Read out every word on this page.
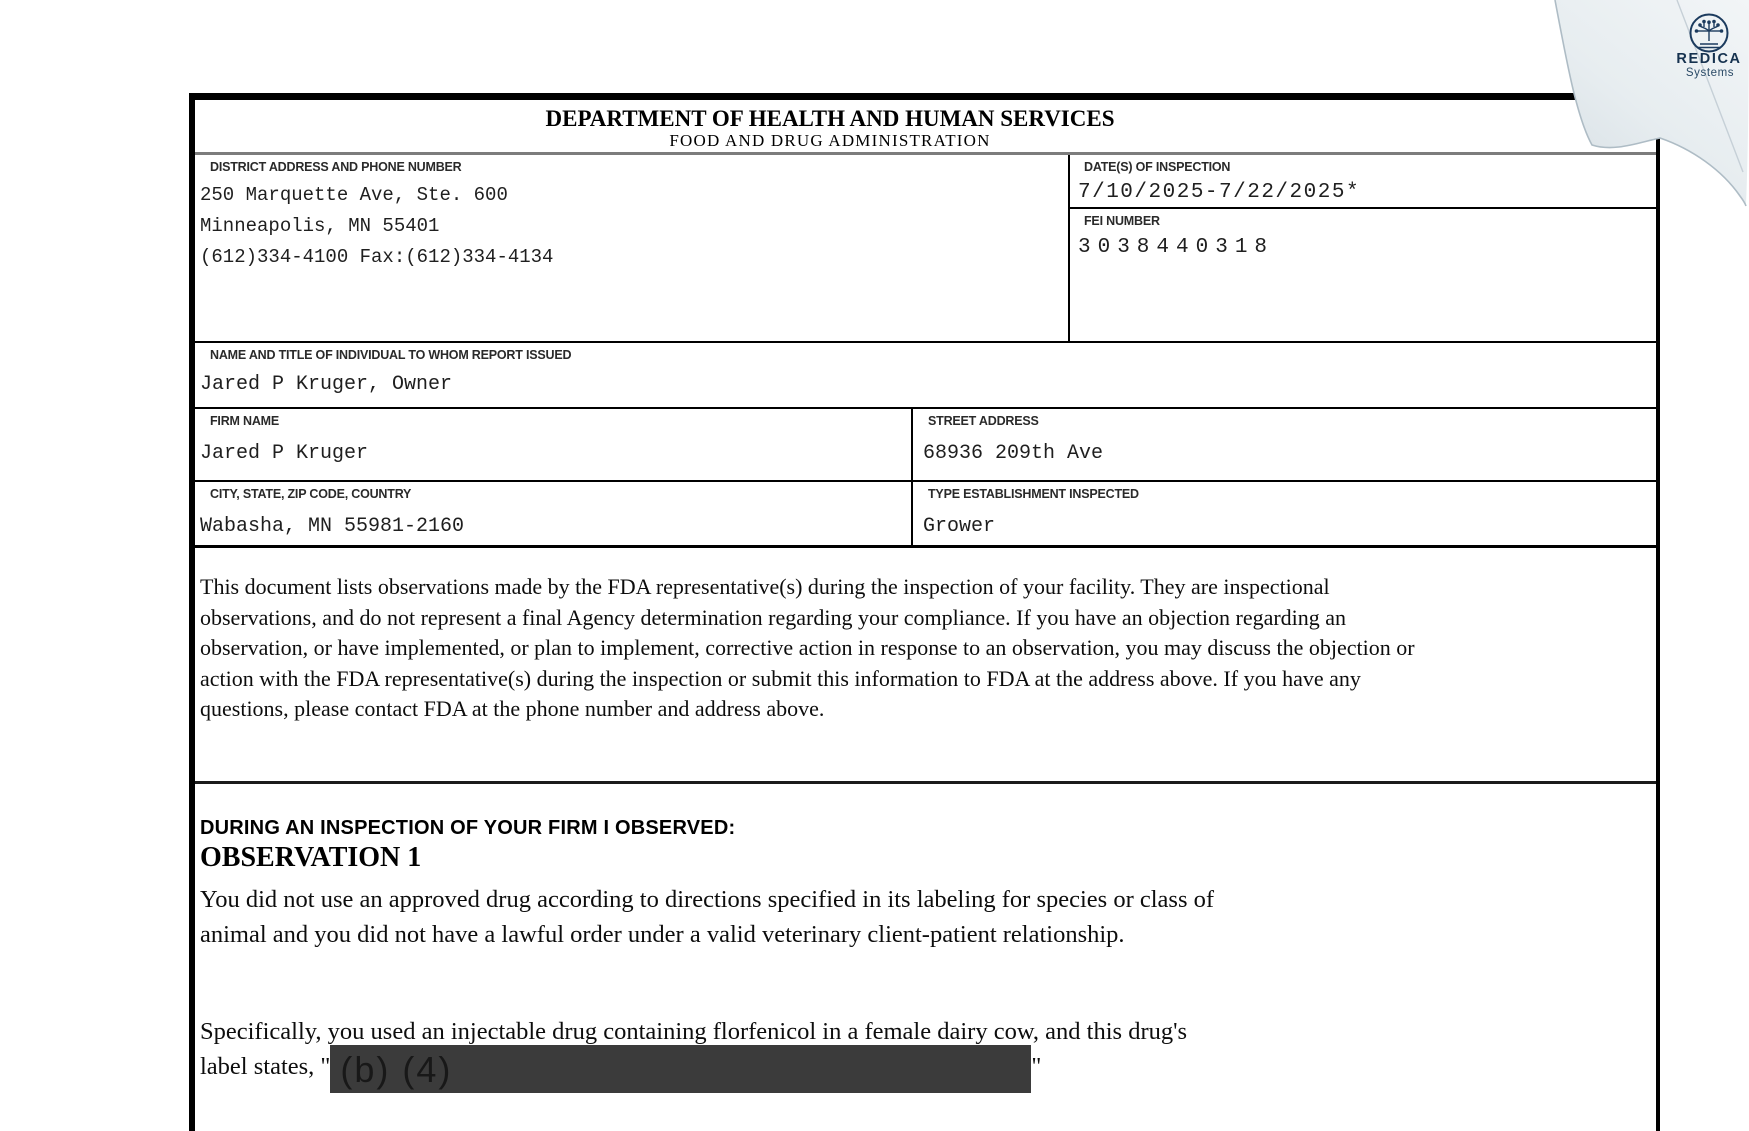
DEPARTMENT OF HEALTH AND HUMAN SERVICES
FOOD AND DRUG ADMINISTRATION
DISTRICT ADDRESS AND PHONE NUMBER
250 Marquette Ave, Ste. 600
Minneapolis, MN 55401
(612)334-4100 Fax:(612)334-4134
DATE(S) OF INSPECTION
7/10/2025-7/22/2025*
FEI NUMBER
3038440318
NAME AND TITLE OF INDIVIDUAL TO WHOM REPORT ISSUED
Jared P Kruger, Owner
FIRM NAME
Jared P Kruger
STREET ADDRESS
68936 209th Ave
CITY, STATE, ZIP CODE, COUNTRY
Wabasha, MN 55981-2160
TYPE ESTABLISHMENT INSPECTED
Grower
This document lists observations made by the FDA representative(s) during the inspection of your facility. They are inspectional
observations, and do not represent a final Agency determination regarding your compliance. If you have an objection regarding an
observation, or have implemented, or plan to implement, corrective action in response to an observation, you may discuss the objection or
action with the FDA representative(s) during the inspection or submit this information to FDA at the address above. If you have any
questions, please contact FDA at the phone number and address above.
DURING AN INSPECTION OF YOUR FIRM I OBSERVED:
OBSERVATION 1
You did not use an approved drug according to directions specified in its labeling for species or class of
animal and you did not have a lawful order under a valid veterinary client-patient relationship.
Specifically, you used an injectable drug containing florfenicol in a female dairy cow, and this drug's
label states, " (b) (4)	"
REDICA
Systems
